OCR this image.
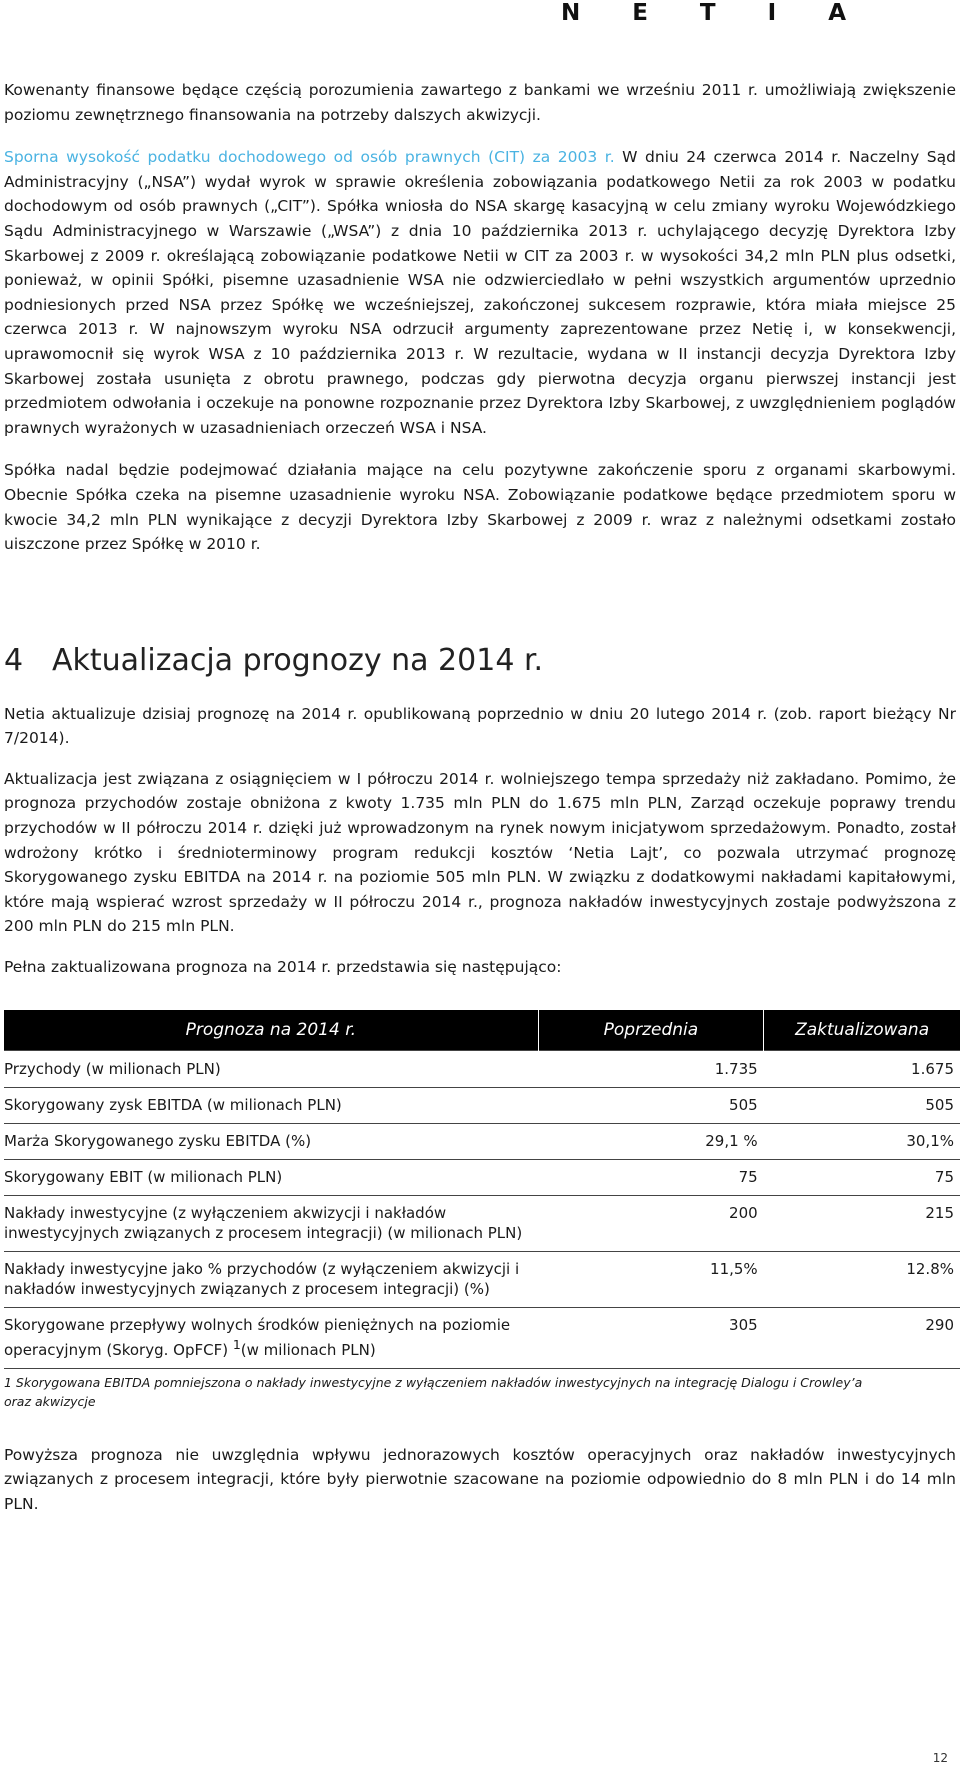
N E T I A

Kowenanty finansowe będące częścią porozumienia zawartego z bankami we wrześniu 2011 r. umożliwiają zwiększenie poziomu zewnętrznego finansowania na potrzeby dalszych akwizycji.

Sporna wysokość podatku dochodowego od osób prawnych (CIT) za 2003 r. W dniu 24 czerwca 2014 r. Naczelny Sąd Administracyjny („NSA”) wydał wyrok w sprawie określenia zobowiązania podatkowego Netii za rok 2003 w podatku dochodowym od osób prawnych („CIT”). Spółka wniosła do NSA skargę kasacyjną w celu zmiany wyroku Wojewódzkiego Sądu Administracyjnego w Warszawie („WSA”) z dnia 10 października 2013 r. uchylającego decyzję Dyrektora Izby Skarbowej z 2009 r. określającą zobowiązanie podatkowe Netii w CIT za 2003 r. w wysokości 34,2 mln PLN plus odsetki, ponieważ, w opinii Spółki, pisemne uzasadnienie WSA nie odzwierciedlało w pełni wszystkich argumentów uprzednio podniesionych przed NSA przez Spółkę we wcześniejszej, zakończonej sukcesem rozprawie, która miała miejsce 25 czerwca 2013 r. W najnowszym wyroku NSA odrzucił argumenty zaprezentowane przez Netię i, w konsekwencji, uprawomocnił się wyrok WSA z 10 października 2013 r. W rezultacie, wydana w II instancji decyzja Dyrektora Izby Skarbowej została usunięta z obrotu prawnego, podczas gdy pierwotna decyzja organu pierwszej instancji jest przedmiotem odwołania i oczekuje na ponowne rozpoznanie przez Dyrektora Izby Skarbowej, z uwzględnieniem poglądów prawnych wyrażonych w uzasadnieniach orzeczeń WSA i NSA.

Spółka nadal będzie podejmować działania mające na celu pozytywne zakończenie sporu z organami skarbowymi. Obecnie Spółka czeka na pisemne uzasadnienie wyroku NSA. Zobowiązanie podatkowe będące przedmiotem sporu w kwocie 34,2 mln PLN wynikające z decyzji Dyrektora Izby Skarbowej z 2009 r. wraz z należnymi odsetkami zostało uiszczone przez Spółkę w 2010 r.

4 Aktualizacja prognozy na 2014 r.

Netia aktualizuje dzisiaj prognozę na 2014 r. opublikowaną poprzednio w dniu 20 lutego 2014 r. (zob. raport bieżący Nr 7/2014).

Aktualizacja jest związana z osiągnięciem w I półroczu 2014 r. wolniejszego tempa sprzedaży niż zakładano. Pomimo, że prognoza przychodów zostaje obniżona z kwoty 1.735 mln PLN do 1.675 mln PLN, Zarząd oczekuje poprawy trendu przychodów w II półroczu 2014 r. dzięki już wprowadzonym na rynek nowym inicjatywom sprzedażowym. Ponadto, został wdrożony krótko i średnioterminowy program redukcji kosztów ‘Netia Lajt’, co pozwala utrzymać prognozę Skorygowanego zysku EBITDA na 2014 r. na poziomie 505 mln PLN. W związku z dodatkowymi nakładami kapitałowymi, które mają wspierać wzrost sprzedaży w II półroczu 2014 r., prognoza nakładów inwestycyjnych zostaje podwyższona z 200 mln PLN do 215 mln PLN.

Pełna zaktualizowana prognoza na 2014 r. przedstawia się następująco:

Prognoza na 2014 r.	Poprzednia	Zaktualizowana
Przychody (w milionach PLN)	1.735	1.675
Skorygowany zysk EBITDA (w milionach PLN)	505	505
Marża Skorygowanego zysku EBITDA (%)	29,1 %	30,1%
Skorygowany EBIT (w milionach PLN)	75	75
Nakłady inwestycyjne (z wyłączeniem akwizycji i nakładów inwestycyjnych związanych z procesem integracji) (w milionach PLN)	200	215
Nakłady inwestycyjne jako % przychodów (z wyłączeniem akwizycji i nakładów inwestycyjnych związanych z procesem integracji) (%)	11,5%	12.8%
Skorygowane przepływy wolnych środków pieniężnych na poziomie operacyjnym (Skoryg. OpFCF) $^1$(w milionach PLN)	305	290
1 Skorygowana EBITDA pomniejszona o nakłady inwestycyjne z wyłączeniem nakładów inwestycyjnych na integrację Dialogu i Crowley’a oraz akwizycje

Powyższa prognoza nie uwzględnia wpływu jednorazowych kosztów operacyjnych oraz nakładów inwestycyjnych związanych z procesem integracji, które były pierwotnie szacowane na poziomie odpowiednio do 8 mln PLN i do 14 mln PLN.

12
